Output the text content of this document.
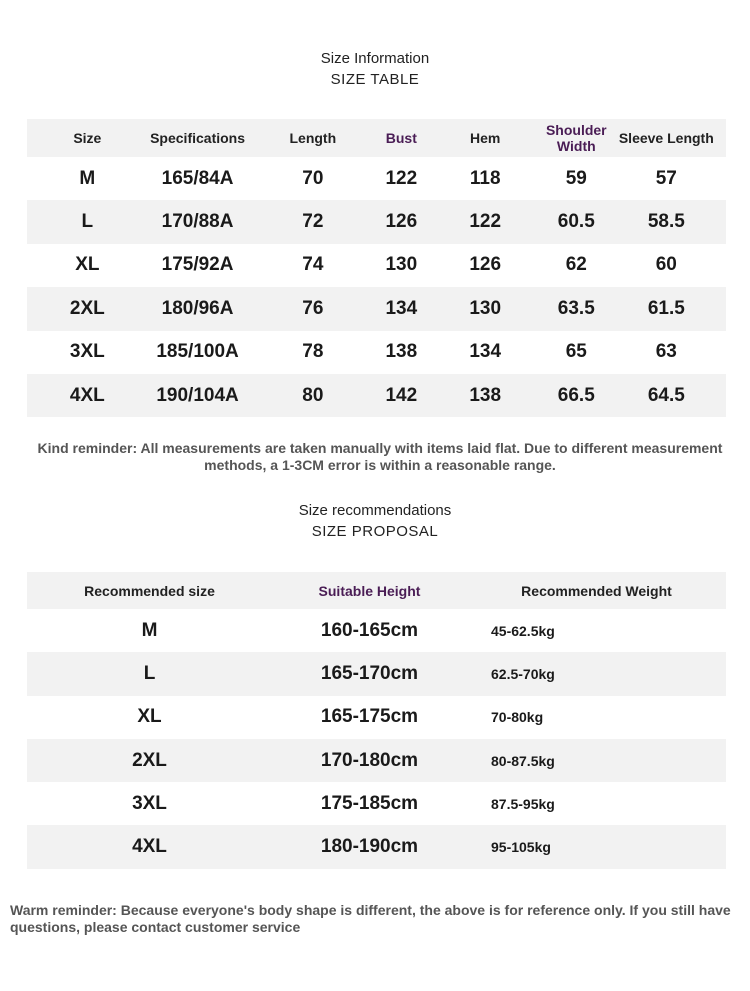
Size Information
SIZE TABLE
Size	Specifications	Length	Bust	Hem	Shoulder Width	Sleeve Length
M	165/84A	70	122	118	59	57
L	170/88A	72	126	122	60.5	58.5
XL	175/92A	74	130	126	62	60
2XL	180/96A	76	134	130	63.5	61.5
3XL	185/100A	78	138	134	65	63
4XL	190/104A	80	142	138	66.5	64.5
Kind reminder: All measurements are taken manually with items laid flat. Due to different measurement methods, a 1-3CM error is within a reasonable range.
Size recommendations
SIZE PROPOSAL
Recommended size	Suitable Height	Recommended Weight
M	160-165cm	45-62.5kg
L	165-170cm	62.5-70kg
XL	165-175cm	70-80kg
2XL	170-180cm	80-87.5kg
3XL	175-185cm	87.5-95kg
4XL	180-190cm	95-105kg
Warm reminder: Because everyone's body shape is different, the above is for reference only. If you still have questions, please contact customer service
